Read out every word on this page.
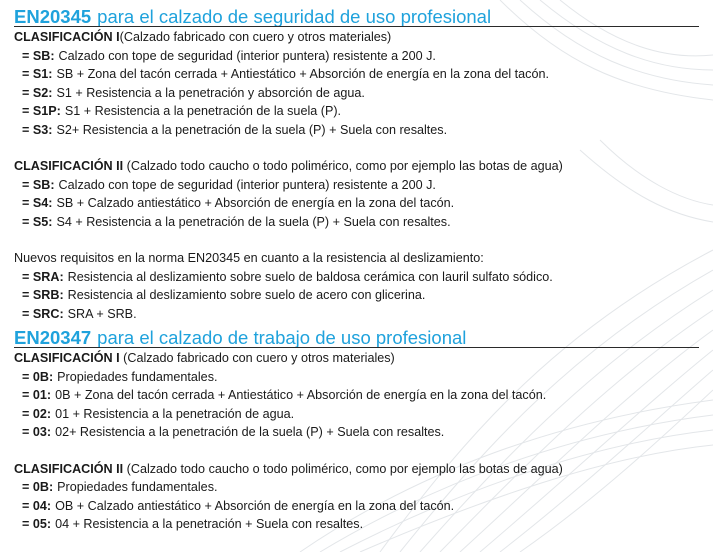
EN20345 para el calzado de seguridad de uso profesional
CLASIFICACIÓN I(Calzado fabricado con cuero y otros materiales)
= SB: Calzado con tope de seguridad (interior puntera) resistente a 200 J.
= S1: SB + Zona del tacón cerrada + Antiestático + Absorción de energía en la zona del tacón.
= S2: S1 + Resistencia a la penetración y absorción de agua.
= S1P: S1 + Resistencia a la penetración de la suela (P).
= S3: S2+ Resistencia a la penetración de la suela (P) + Suela con resaltes.
CLASIFICACIÓN II (Calzado todo caucho o todo polimérico, como por ejemplo las botas de agua)
= SB: Calzado con tope de seguridad (interior puntera) resistente a 200 J.
= S4: SB + Calzado antiestático + Absorción de energía en la zona del tacón.
= S5: S4 + Resistencia a la penetración de la suela (P) + Suela con resaltes.
Nuevos requisitos en la norma EN20345 en cuanto a la resistencia al deslizamiento:
= SRA: Resistencia al deslizamiento sobre suelo de baldosa cerámica con lauril sulfato sódico.
= SRB: Resistencia al deslizamiento sobre suelo de acero con glicerina.
= SRC: SRA + SRB.
EN20347 para el calzado de trabajo de uso profesional
CLASIFICACIÓN I (Calzado fabricado con cuero y otros materiales)
= 0B: Propiedades fundamentales.
= 01: 0B + Zona del tacón cerrada + Antiestático + Absorción de energía en la zona del tacón.
= 02: 01 + Resistencia a la penetración de agua.
= 03: 02+ Resistencia a la penetración de la suela (P) + Suela con resaltes.
CLASIFICACIÓN II (Calzado todo caucho o todo polimérico, como por ejemplo las botas de agua)
= 0B: Propiedades fundamentales.
= 04: OB + Calzado antiestático + Absorción de energía en la zona del tacón.
= 05: 04 + Resistencia a la penetración + Suela con resaltes.
